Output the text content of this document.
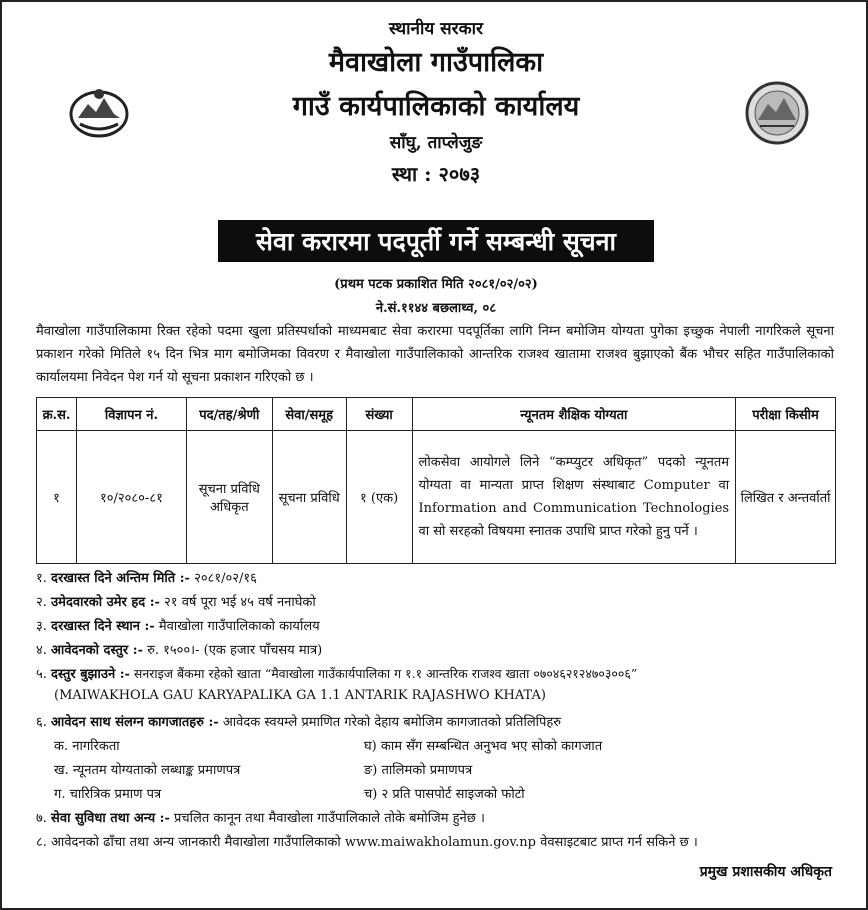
स्थानीय सरकार
मैवाखोला गाउँपालिका
गाउँ कार्यपालिकाको कार्यालय
साँघु, ताप्लेजुङ
स्था : २०७३
सेवा करारमा पदपूर्ती गर्ने सम्बन्धी सूचना
(प्रथम पटक प्रकाशित मिति २०८१/०२/०२)
ने.सं.११४४ बछलाथ्व, ०८
मैवाखोला गाउँपालिकामा रिक्त रहेको पदमा खुला प्रतिस्पर्धाको माध्यमबाट सेवा करारमा पदपूर्तिका लागि निम्न बमोजिम योग्यता पुगेका इच्छुक नेपाली नागरिकले सूचना प्रकाशन गरेको मितिले १५ दिन भित्र माग बमोजिमका विवरण र मैवाखोला गाउँपालिकाको आन्तरिक राजश्व खातामा राजश्व बुझाएको बैंक भौचर सहित गाउँपालिकाको कार्यालयमा निवेदन पेश गर्न यो सूचना प्रकाशन गरिएको छ ।
क्र.स.	विज्ञापन नं.	पद/तह/श्रेणी	सेवा/समूह	संख्या	न्यूनतम शैक्षिक योग्यता	परीक्षा किसीम
१	१०/२०८०-८१	सूचना प्रविधि अधिकृत	सूचना प्रविधि	१ (एक)	लोकसेवा आयोगले लिने “कम्प्युटर अधिकृत” पदको न्यूनतम योग्यता वा मान्यता प्राप्त शिक्षण संस्थाबाट Computer वा Information and Communication Technologies वा सो सरहको विषयमा स्नातक उपाधि प्राप्त गरेको हुनु पर्ने ।	लिखित र अन्तर्वार्ता
१. दरखास्त दिने अन्तिम मिति :- २०८१/०२/१६
२. उमेदवारको उमेर हद :- २१ वर्ष पूरा भई ४५ वर्ष ननाघेको
३. दरखास्त दिने स्थान :- मैवाखोला गाउँपालिकाको कार्यालय
४. आवेदनको दस्तुर :- रु. १५००।- (एक हजार पाँचसय मात्र)
५. दस्तुर बुझाउने :- सनराइज बैंकमा रहेको खाता “मैवाखोला गाउँकार्यपालिका ग १.१ आन्तरिक राजश्व खाता ०७०४६२१२४७०३००६”
(MAIWAKHOLA GAU KARYAPALIKA GA 1.1 ANTARIK RAJASHWO KHATA)
६. आवेदन साथ संलग्न कागजातहरु :- आवेदक स्वयम्ले प्रमाणित गरेको देहाय बमोजिम कागजातको प्रतिलिपिहरु
क. नागरिकता	घ) काम सँग सम्बन्धित अनुभव भए सोको कागजात
ख. न्यूनतम योग्यताको लब्धाङ्क प्रमाणपत्र	ङ) तालिमको प्रमाणपत्र
ग. चारित्रिक प्रमाण पत्र	च) २ प्रति पासपोर्ट साइजको फोटो
७. सेवा सुविधा तथा अन्य :- प्रचलित कानून तथा मैवाखोला गाउँपालिकाले तोके बमोजिम हुनेछ ।
८. आवेदनको ढाँचा तथा अन्य जानकारी मैवाखोला गाउँपालिकाको www.maiwakholamun.gov.np वेवसाइटबाट प्राप्त गर्न सकिने छ ।
प्रमुख प्रशासकीय अधिकृत
